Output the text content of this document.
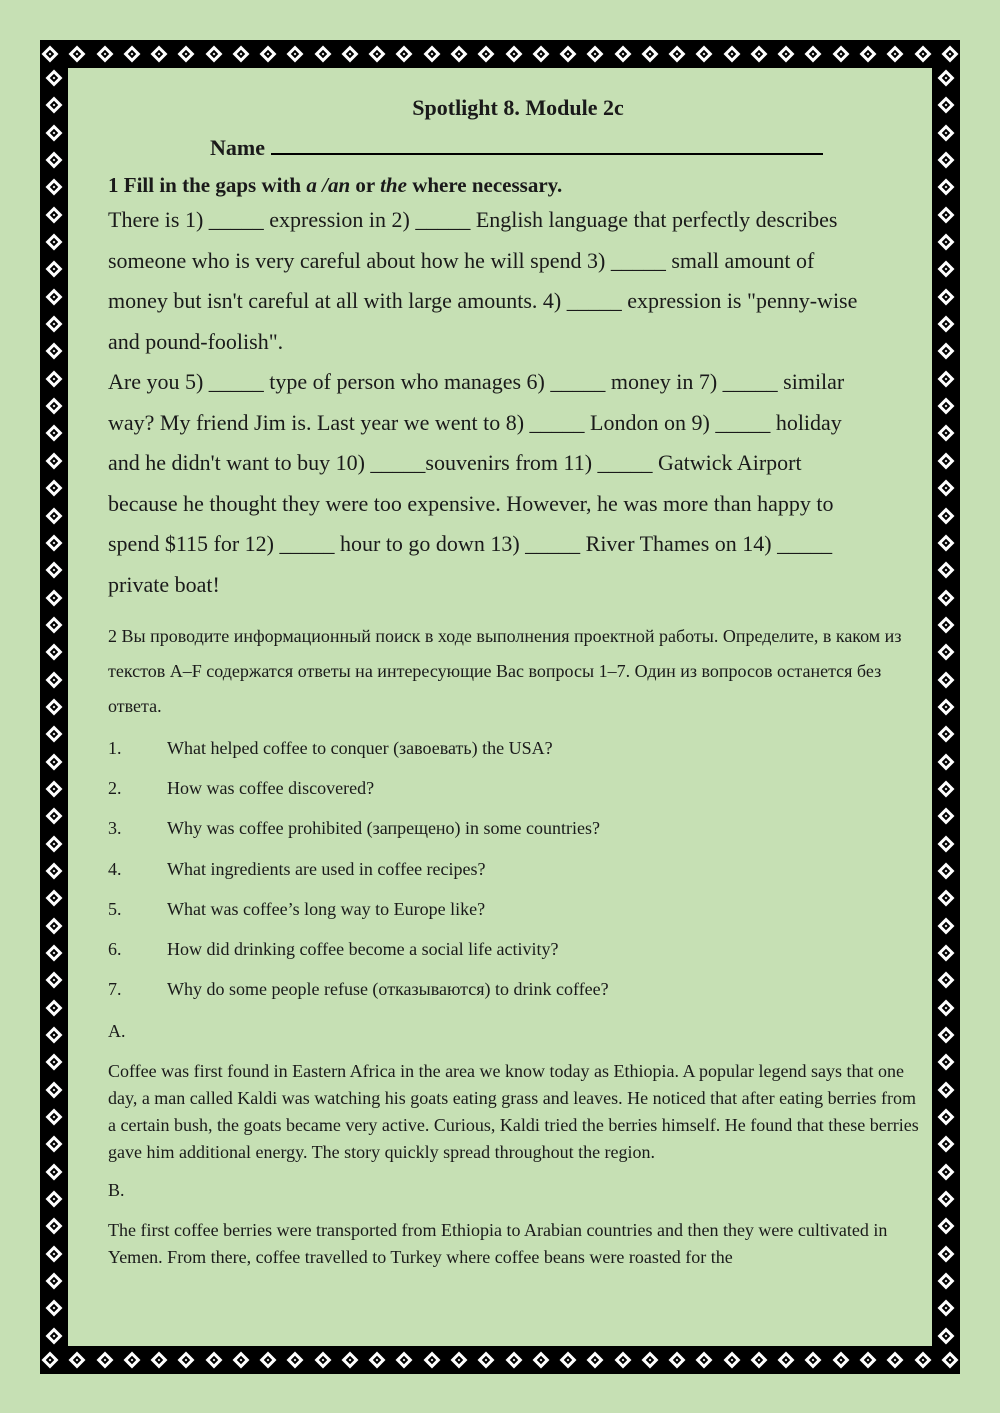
Spotlight 8. Module 2c
Name
1 Fill in the gaps with a /an or the where necessary.

There is 1) _____ expression in 2) _____ English language that perfectly describes

someone who is very careful about how he will spend 3) _____ small amount of

money but isn't careful at all with large amounts. 4) _____ expression is "penny-wise

and pound-foolish".

Are you 5) _____ type of person who manages 6) _____ money in 7) _____ similar

way? My friend Jim is. Last year we went to 8) _____ London on 9) _____ holiday

and he didn't want to buy 10) _____souvenirs from 11) _____ Gatwick Airport

because he thought they were too expensive. However, he was more than happy to

spend $115 for 12) _____ hour to go down 13) _____ River Thames on 14) _____

private boat!

2 Вы проводите информационный поиск в ходе выполнения проектной работы. Определите, в каком из текстов A–F содержатся ответы на интересующие Вас вопросы 1–7. Один из вопросов останется без ответа.
1.	What helped coffee to conquer (завоевать) the USA?
2.	How was coffee discovered?
3.	Why was coffee prohibited (запрещено) in some countries?
4.	What ingredients are used in coffee recipes?
5.	What was coffee’s long way to Europe like?
6.	How did drinking coffee become a social life activity?
7.	Why do some people refuse (отказываются) to drink coffee?
A.

Coffee was first found in Eastern Africa in the area we know today as Ethiopia. A popular legend says that one day, a man called Kaldi was watching his goats eating grass and leaves. He noticed that after eating berries from a certain bush, the goats became very active. Curious, Kaldi tried the berries himself. He found that these berries gave him additional energy. The story quickly spread throughout the region.

B.

The first coffee berries were transported from Ethiopia to Arabian countries and then they were cultivated in Yemen. From there, coffee travelled to Turkey where coffee beans were roasted for the
